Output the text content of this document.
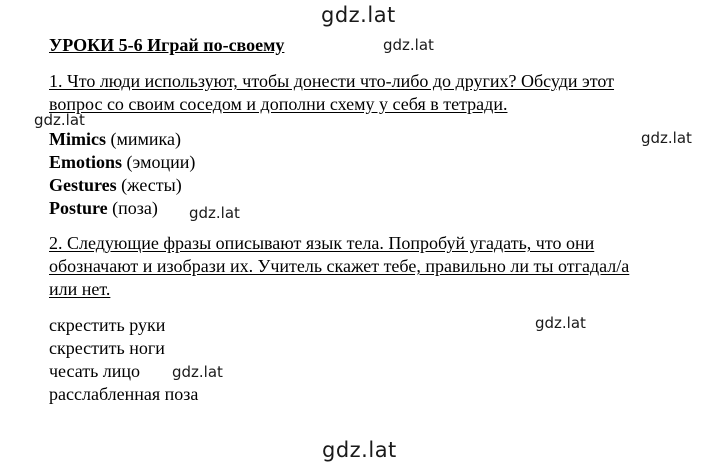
gdz.lat
УРОКИ 5-6 Играй по-своему	gdz.lat
1. Что люди используют, чтобы донести что-либо до других? Обсуди этот вопрос со своим соседом и дополни схему у себя в тетради.
gdz.lat
gdz.lat
Mimics (мимика)
Emotions (эмоции)
Gestures (жесты)
Posture (поза)	gdz.lat
2. Следующие фразы описывают язык тела. Попробуй угадать, что они обозначают и изобрази их. Учитель скажет тебе, правильно ли ты отгадал/а или нет.
скрестить руки
скрестить ноги
чесать лицо
расслабленная поза
gdz.lat
gdz.lat
gdz.lat
